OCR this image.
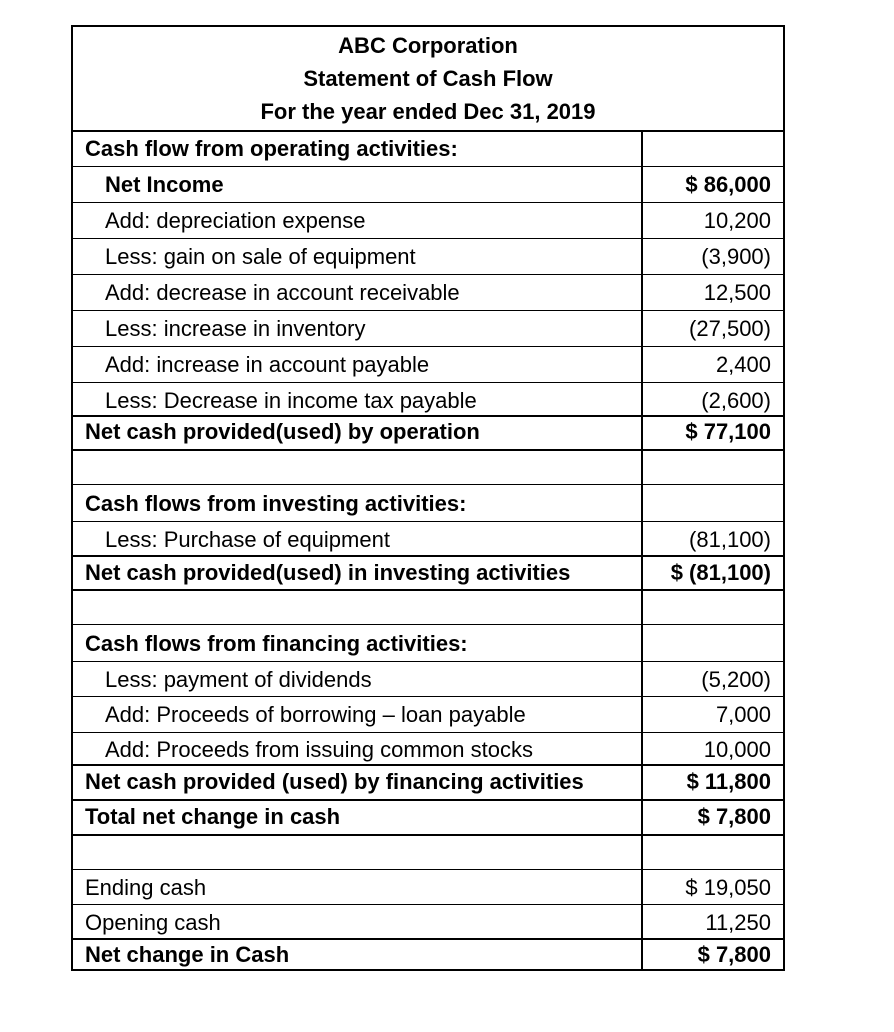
ABC Corporation
Statement of Cash Flow
For the year ended Dec 31, 2019
Cash flow from operating activities:
Net Income	$ 86,000
Add: depreciation expense	10,200
Less: gain on sale of equipment	(3,900)
Add: decrease in account receivable	12,500
Less: increase in inventory	(27,500)
Add: increase in account payable	2,400
Less: Decrease in income tax payable	(2,600)
Net cash provided(used) by operation	$ 77,100
Cash flows from investing activities:
Less: Purchase of equipment	(81,100)
Net cash provided(used) in investing activities	$ (81,100)
Cash flows from financing activities:
Less: payment of dividends	(5,200)
Add: Proceeds of borrowing – loan payable	7,000
Add: Proceeds from issuing common stocks	10,000
Net cash provided (used) by financing activities	$ 11,800
Total net change in cash	$ 7,800
Ending cash	$ 19,050
Opening cash	11,250
Net change in Cash	$ 7,800
